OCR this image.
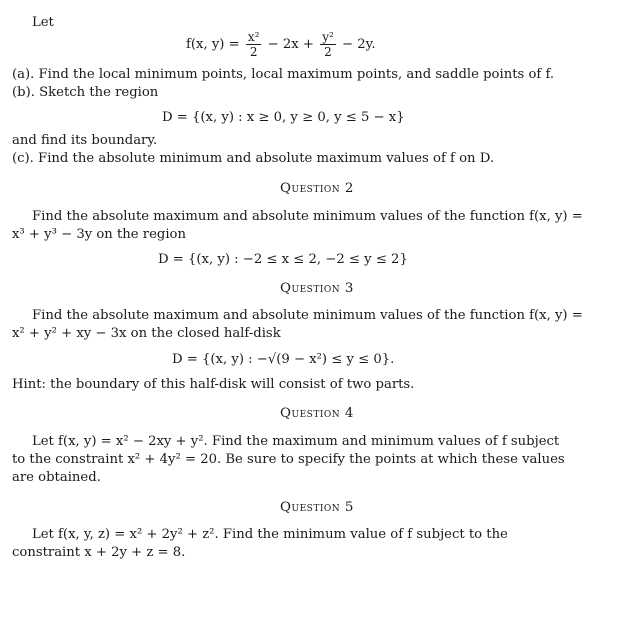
Let
f(x, $y) = \frac{\text{x²}}{2} - 2x + \frac{\text{y²}}{2} - 2y$.
(a). Find the local minimum points, local maximum points, and saddle points of f.
(b). Sketch the region
D = {(x, y) : x ≥ 0, y ≥ 0, y ≤ 5 − x}
and find its boundary.
(c). Find the absolute minimum and absolute maximum values of f on D.
Question 2
Find the absolute maximum and absolute minimum values of the function f(x, y) =
x³ + y³ − 3y on the region
D = {(x, y) : −2 ≤ x ≤ 2, −2 ≤ y ≤ 2}
Question 3
Find the absolute maximum and absolute minimum values of the function f(x, y) =
x² + y² + xy − 3x on the closed half-disk
D = {(x, y) : −√(9 − x²) ≤ y ≤ 0}.
Hint: the boundary of this half-disk will consist of two parts.
Question 4
Let f(x, y) = x² − 2xy + y². Find the maximum and minimum values of f subject
to the constraint x² + 4y² = 20. Be sure to specify the points at which these values
are obtained.
Question 5
Let f(x, y, z) = x² + 2y² + z². Find the minimum value of f subject to the
constraint x + 2y + z = 8.
